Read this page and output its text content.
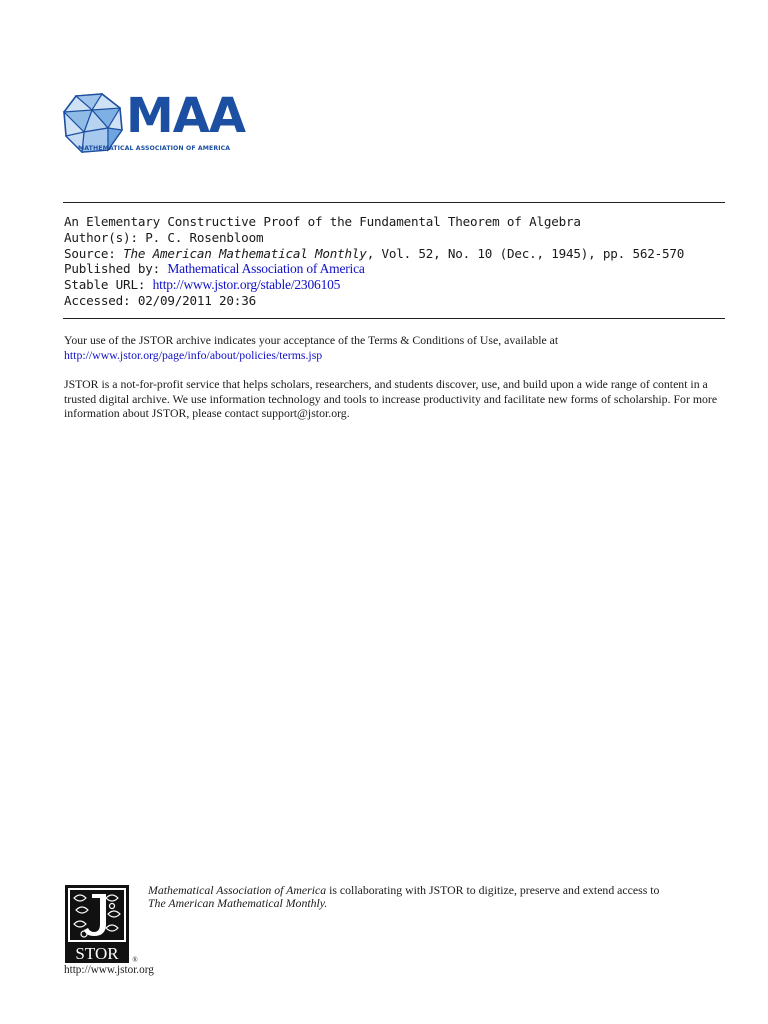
MAA
MATHEMATICAL ASSOCIATION OF AMERICA
An Elementary Constructive Proof of the Fundamental Theorem of Algebra
Author(s): P. C. Rosenbloom
Source: The American Mathematical Monthly, Vol. 52, No. 10 (Dec., 1945), pp. 562-570
Published by: Mathematical Association of America
Stable URL: http://www.jstor.org/stable/2306105
Accessed: 02/09/2011 20:36
Your use of the JSTOR archive indicates your acceptance of the Terms & Conditions of Use, available at
http://www.jstor.org/page/info/about/policies/terms.jsp
JSTOR is a not-for-profit service that helps scholars, researchers, and students discover, use, and build upon a wide range of content in a trusted digital archive. We use information technology and tools to increase productivity and facilitate new forms of scholarship. For more information about JSTOR, please contact support@jstor.org.
STOR ®
http://www.jstor.org
Mathematical Association of America is collaborating with JSTOR to digitize, preserve and extend access to
The American Mathematical Monthly.
